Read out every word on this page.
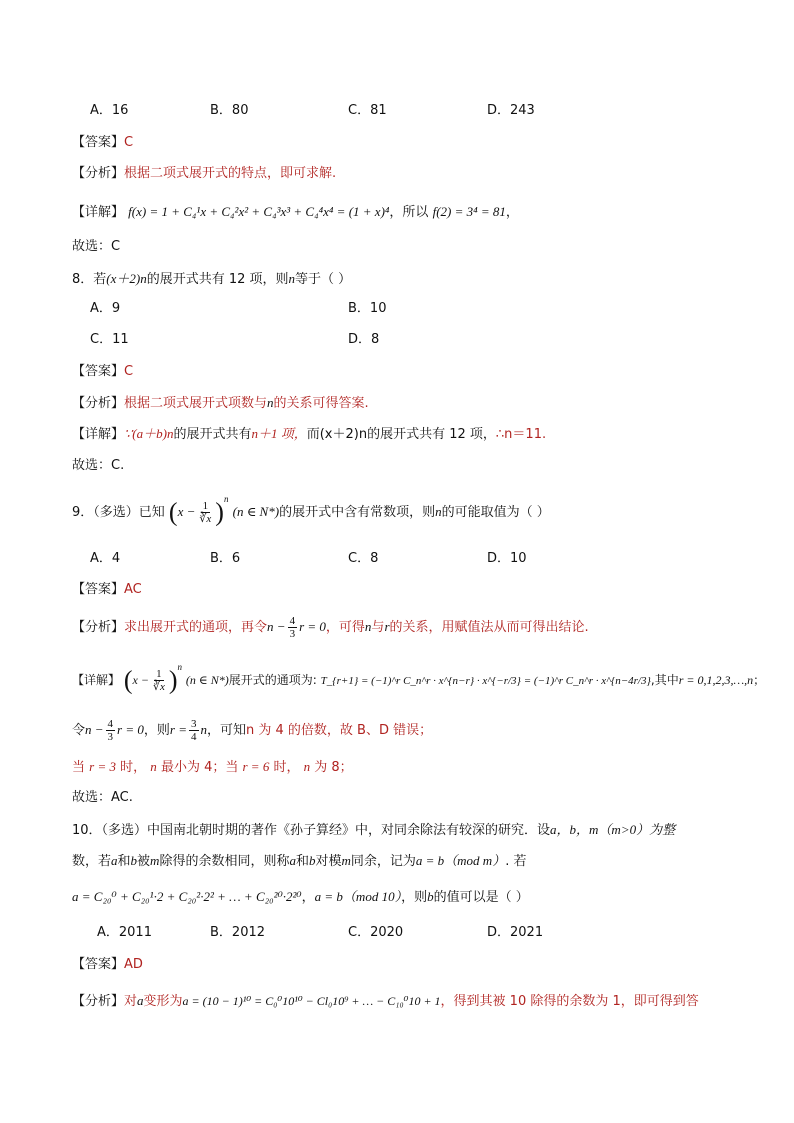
A．16	B．80	C．81	D．243
【答案】C
【分析】根据二项式展开式的特点，即可求解.
【详解】 f(x) = 1 + C₄¹x + C₄²x² + C₄³x³ + C₄⁴x⁴ = (1 + x)⁴，所以 f(2) = 3⁴ = 81，
故选：C
8．若(x＋2)n的展开式共有 12 项，则n等于（ ）
A．9	B．10
C．11	D．8
【答案】C
【分析】根据二项式展开式项数与n的关系可得答案.
【详解】∵(a＋b)n的展开式共有n＋1 项，而(x＋2)n的展开式共有 12 项，∴n＝11.
故选：C.
9．（多选）已知 $(x - \frac{1}{∛x} )^n$ (n ∈ N*)的展开式中含有常数项，则n的可能取值为（ ）
A．4	B．6	C．8	D．10
【答案】AC
【分析】求出展开式的通项，再令$n - \frac{4}{3}$ r = 0，可得n与r的关系，用赋值法从而可得出结论.
【详解】 $(x - \frac{1}{∛x} )^n$ (n ∈ N*)展开式的通项为: T_{r+1} = (−1)^r C_n^r · x^{n−r} · x^{−r/3} = (−1)^r C_n^r · x^{n−4r/3},其中r = 0,1,2,3,…,n；
令$n - \frac{4}{3}$ r = 0，则$r = \frac{3}{4}$ n，可知n 为 4 的倍数，故 B、D 错误；
当 r = 3 时， n 最小为 4；当 r = 6 时， n 为 8；
故选：AC.
10．（多选）中国南北朝时期的著作《孙子算经》中，对同余除法有较深的研究．设a，b，m（m>0）为整
数，若a和b被m除得的余数相同，则称a和b对模m同余，记为a = b（mod m）. 若
a = C₂₀⁰ + C₂₀¹·2 + C₂₀²·2² + … + C₂₀²⁰·2²⁰，a = b（mod 10），则b的值可以是（ ）
A．2011	B．2012	C．2020	D．2021
【答案】AD
【分析】对a变形为a = (10 − 1)¹⁰ = C₀⁰10¹⁰ − Cl₀10⁹ + … − C₁₀⁰10 + 1，得到其被 10 除得的余数为 1，即可得到答
